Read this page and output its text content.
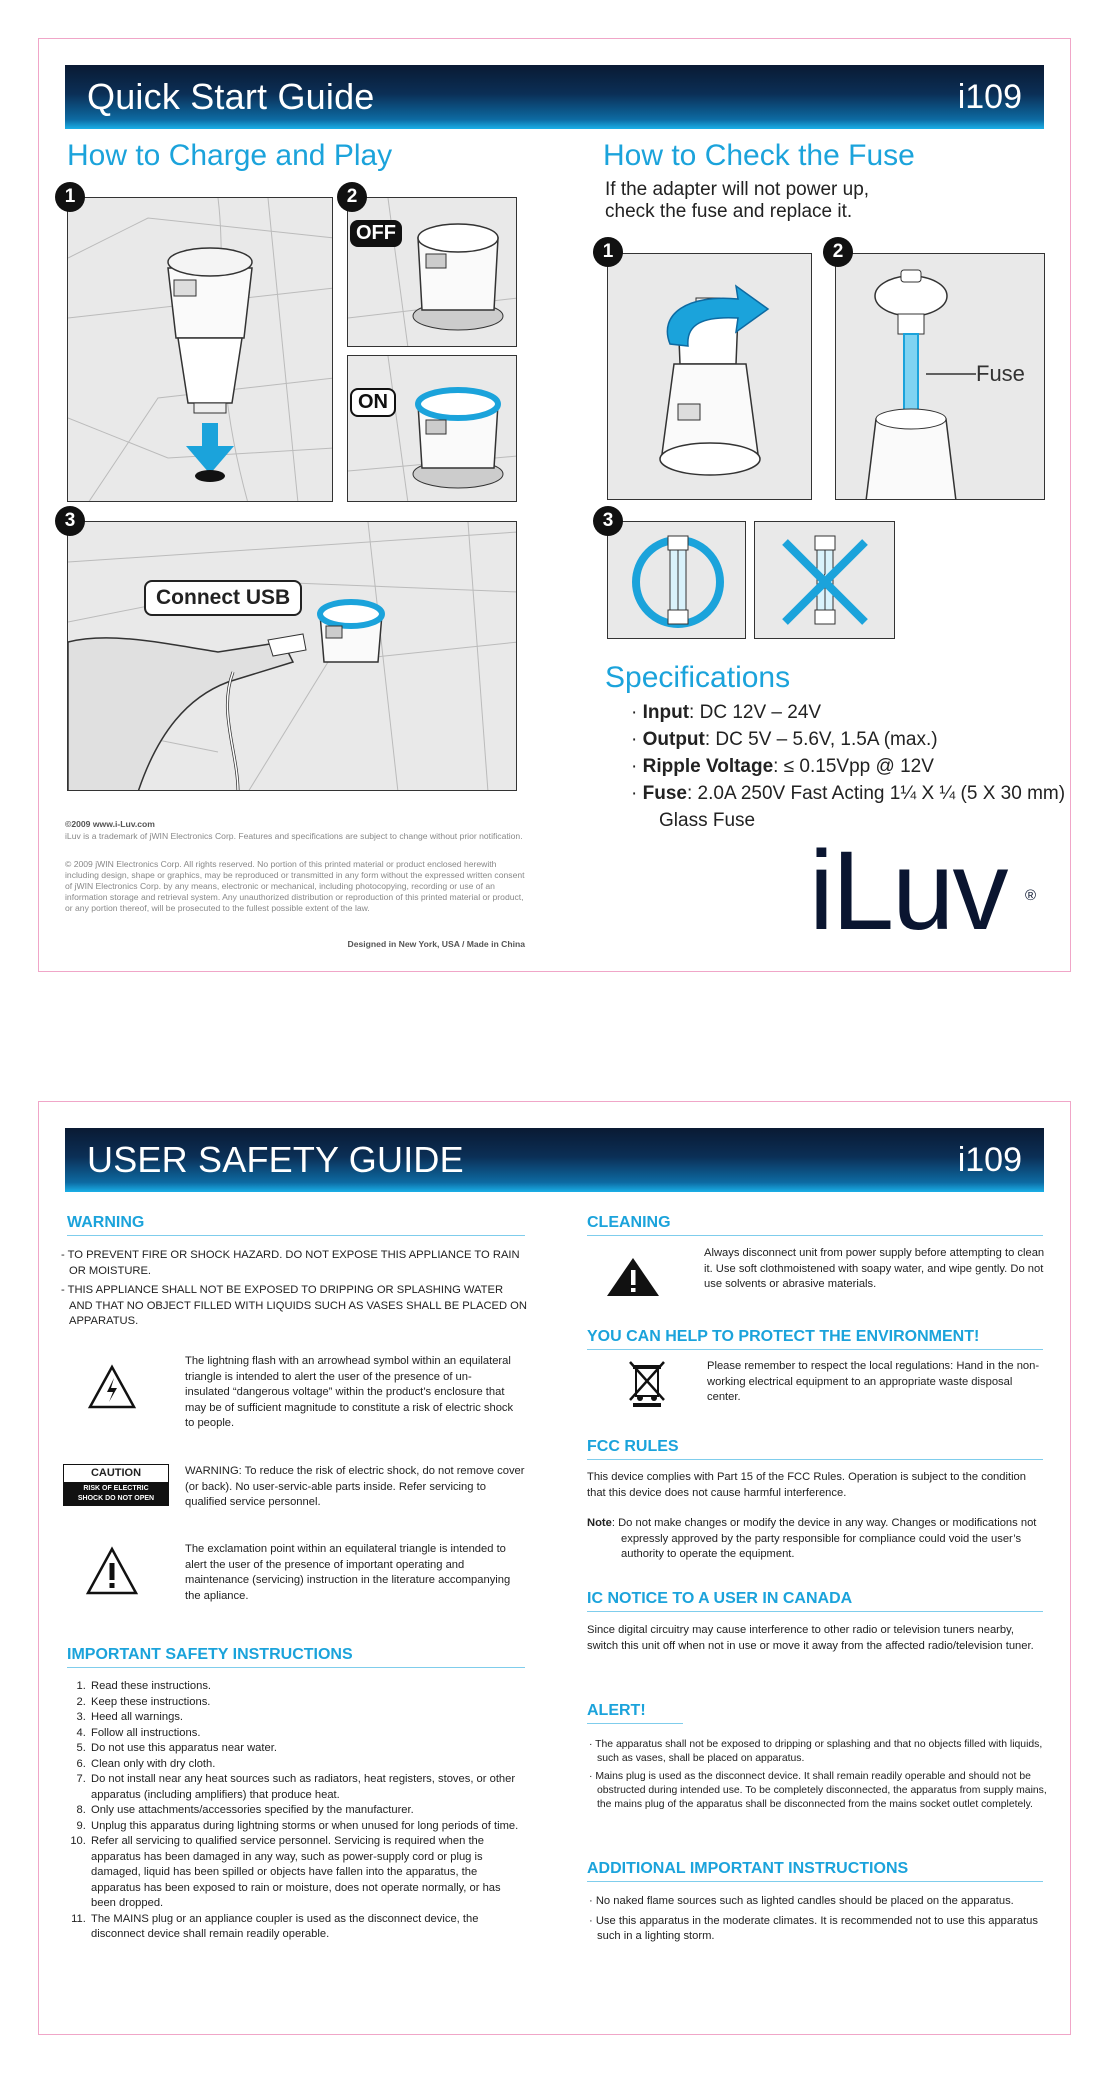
Quick Start Guide	i109
How to Charge and Play
1	2
OFF
ON
3
Connect USB
How to Check the Fuse
If the adapter will not power up,
check the fuse and replace it.
1	2
Fuse
3
Specifications
· Input: DC 12V – 24V
· Output: DC 5V – 5.6V, 1.5A (max.)
· Ripple Voltage: ≤ 0.15Vpp @ 12V
· Fuse: 2.0A 250V Fast Acting 1¼ X ¼ (5 X 30 mm)
Glass Fuse
©2009 www.i-Luv.com
iLuv is a trademark of jWIN Electronics Corp. Features and specifications are subject to change without prior notification.
© 2009 jWIN Electronics Corp. All rights reserved. No portion of this printed material or product enclosed herewith including design, shape or graphics, may be reproduced or transmitted in any form without the expressed written consent of jWIN Electronics Corp. by any means, electronic or mechanical, including photocopying, recording or use of an information storage and retrieval system. Any unauthorized distribution or reproduction of this printed material or product, or any portion thereof, will be prosecuted to the fullest possible extent of the law.
Designed in New York, USA / Made in China	iLuv ®
USER SAFETY GUIDE	i109
WARNING
- TO PREVENT FIRE OR SHOCK HAZARD. DO NOT EXPOSE THIS APPLIANCE TO RAIN OR MOISTURE.
- THIS APPLIANCE SHALL NOT BE EXPOSED TO DRIPPING OR SPLASHING WATER AND THAT NO OBJECT FILLED WITH LIQUIDS SUCH AS VASES SHALL BE PLACED ON APPARATUS.
The lightning flash with an arrowhead symbol within an equilateral triangle is intended to alert the user of the presence of un-insulated “dangerous voltage” within the product’s enclosure that may be of sufficient magnitude to constitute a risk of electric shock to people.
CAUTION
RISK OF ELECTRIC
SHOCK DO NOT OPEN
WARNING: To reduce the risk of electric shock, do not remove cover (or back). No user-servic-able parts inside. Refer servicing to qualified service personnel.
The exclamation point within an equilateral triangle is intended to alert the user of the presence of important operating and maintenance (servicing) instruction in the literature accompanying the apliance.
IMPORTANT SAFETY INSTRUCTIONS
1. Read these instructions.
2. Keep these instructions.
3. Heed all warnings.
4. Follow all instructions.
5. Do not use this apparatus near water.
6. Clean only with dry cloth.
7. Do not install near any heat sources such as radiators, heat registers, stoves, or other apparatus (including amplifiers) that produce heat.
8. Only use attachments/accessories specified by the manufacturer.
9. Unplug this apparatus during lightning storms or when unused for long periods of time.
10. Refer all servicing to qualified service personnel. Servicing is required when the apparatus has been damaged in any way, such as power-supply cord or plug is damaged, liquid has been spilled or objects have fallen into the apparatus, the apparatus has been exposed to rain or moisture, does not operate normally, or has been dropped.
11. The MAINS plug or an appliance coupler is used as the disconnect device, the disconnect device shall remain readily operable.
CLEANING
Always disconnect unit from power supply before attempting to clean it. Use soft clothmoistened with soapy water, and wipe gently. Do not use solvents or abrasive materials.
YOU CAN HELP TO PROTECT THE ENVIRONMENT!
Please remember to respect the local regulations: Hand in the non-working electrical equipment to an appropriate waste disposal center.
FCC RULES
This device complies with Part 15 of the FCC Rules. Operation is subject to the condition that this device does not cause harmful interference.
Note: Do not make changes or modify the device in any way. Changes or modifications not expressly approved by the party responsible for compliance could void the user’s authority to operate the equipment.
IC NOTICE TO A USER IN CANADA
Since digital circuitry may cause interference to other radio or television tuners nearby, switch this unit off when not in use or move it away from the affected radio/television tuner.
ALERT!
· The apparatus shall not be exposed to dripping or splashing and that no objects filled with liquids, such as vases, shall be placed on apparatus.
· Mains plug is used as the disconnect device. It shall remain readily operable and should not be obstructed during intended use. To be completely disconnected, the apparatus from supply mains, the mains plug of the apparatus shall be disconnected from the mains socket outlet completely.
ADDITIONAL IMPORTANT INSTRUCTIONS
· No naked flame sources such as lighted candles should be placed on the apparatus.
· Use this apparatus in the moderate climates. It is recommended not to use this apparatus such in a lighting storm.
